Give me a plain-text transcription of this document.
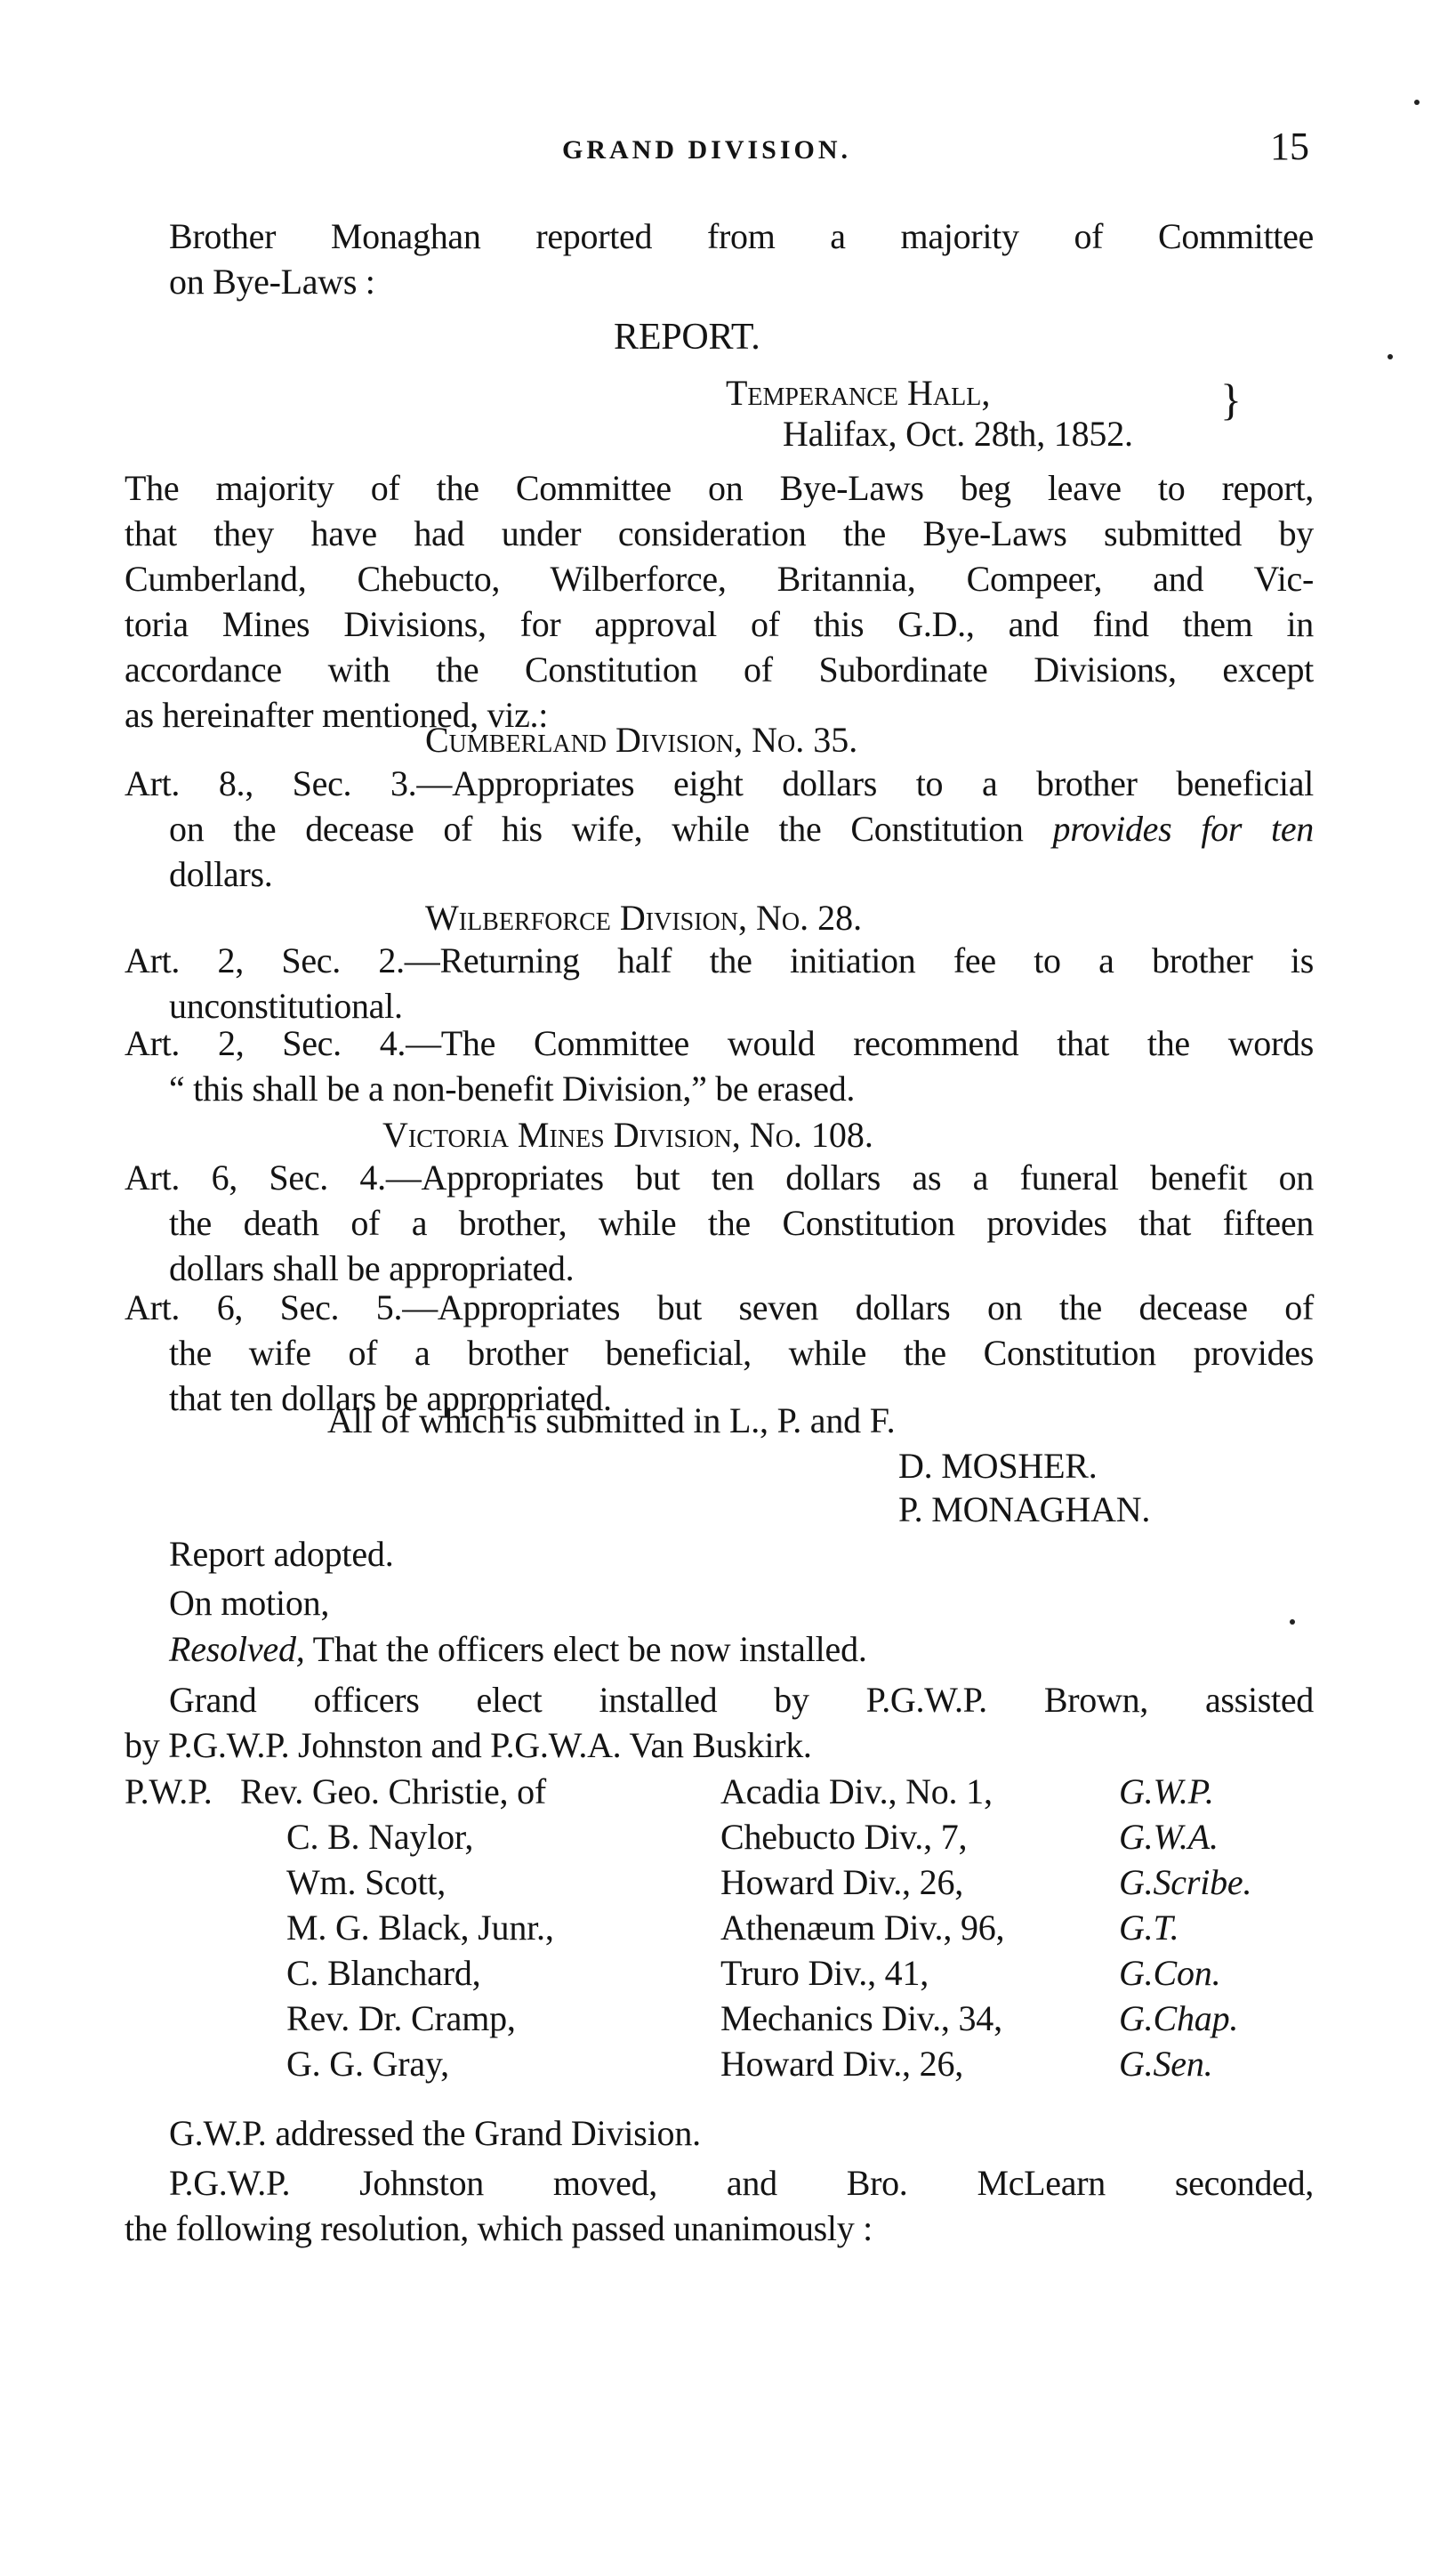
GRAND DIVISION.	15
Brother Monaghan reported from a majority of Committee
on Bye-Laws :
REPORT.
Temperance Hall,
Halifax, Oct. 28th, 1852.
}
The majority of the Committee on Bye-Laws beg leave to report,
that they have had under consideration the Bye-Laws submitted by
Cumberland, Chebucto, Wilberforce, Britannia, Compeer, and Vic-
toria Mines Divisions, for approval of this G.D., and find them in
accordance with the Constitution of Subordinate Divisions, except
as hereinafter mentioned, viz.:
Cumberland Division, No. 35.
Art. 8., Sec. 3.—Appropriates eight dollars to a brother beneficial
on the decease of his wife, while the Constitution provides for ten
dollars.
Wilberforce Division, No. 28.
Art. 2, Sec. 2.—Returning half the initiation fee to a brother is
unconstitutional.
Art. 2, Sec. 4.—The Committee would recommend that the words
“ this shall be a non-benefit Division,” be erased.
Victoria Mines Division, No. 108.
Art. 6, Sec. 4.—Appropriates but ten dollars as a funeral benefit on
the death of a brother, while the Constitution provides that fifteen
dollars shall be appropriated.
Art. 6, Sec. 5.—Appropriates but seven dollars on the decease of
the wife of a brother beneficial, while the Constitution provides
that ten dollars be appropriated.
All of which is submitted in L., P. and F.
D. MOSHER.
P. MONAGHAN.
Report adopted.
On motion,
Resolved, That the officers elect be now installed.
Grand officers elect installed by P.G.W.P. Brown, assisted
by P.G.W.P. Johnston and P.G.W.A. Van Buskirk.
P.W.P. Rev. Geo. Christie, of	Acadia Div., No. 1,	G.W.P.
C. B. Naylor,	Chebucto Div., 7,	G.W.A.
Wm. Scott,	Howard Div., 26,	G.Scribe.
M. G. Black, Junr.,	Athenæum Div., 96,	G.T.
C. Blanchard,	Truro Div., 41,	G.Con.
Rev. Dr. Cramp,	Mechanics Div., 34,	G.Chap.
G. G. Gray,	Howard Div., 26,	G.Sen.
G.W.P. addressed the Grand Division.
P.G.W.P. Johnston moved, and Bro. McLearn seconded,
the following resolution, which passed unanimously :
